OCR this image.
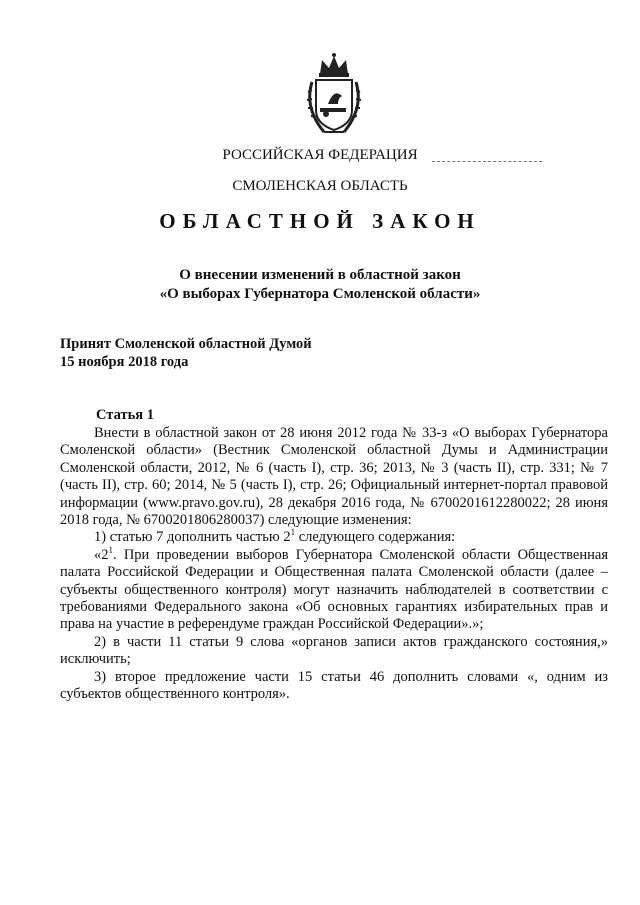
РОССИЙСКАЯ ФЕДЕРАЦИЯ
СМОЛЕНСКАЯ ОБЛАСТЬ
ОБЛАСТНОЙ ЗАКОН
О внесении изменений в областной закон
«О выборах Губернатора Смоленской области»
Принят Смоленской областной Думой
15 ноября 2018 года
Статья 1

Внести в областной закон от 28 июня 2012 года № 33-з «О выборах Губернатора Смоленской области» (Вестник Смоленской областной Думы и Администрации Смоленской области, 2012, № 6 (часть I), стр. 36; 2013, № 3 (часть II), стр. 331; № 7 (часть II), стр. 60; 2014, № 5 (часть I), стр. 26; Официальный интернет-портал правовой информации (www.pravo.gov.ru), 28 декабря 2016 года, № 6700201612280022; 28 июня 2018 года, № 6700201806280037) следующие изменения:

1) статью 7 дополнить частью $2^1$ следующего содержания:

«$2^1$. При проведении выборов Губернатора Смоленской области Общественная палата Российской Федерации и Общественная палата Смоленской области (далее – субъекты общественного контроля) могут назначить наблюдателей в соответствии с требованиями Федерального закона «Об основных гарантиях избирательных прав и права на участие в референдуме граждан Российской Федерации».»;

2) в части 11 статьи 9 слова «органов записи актов гражданского состояния,» исключить;

3) второе предложение части 15 статьи 46 дополнить словами «, одним из субъектов общественного контроля».
